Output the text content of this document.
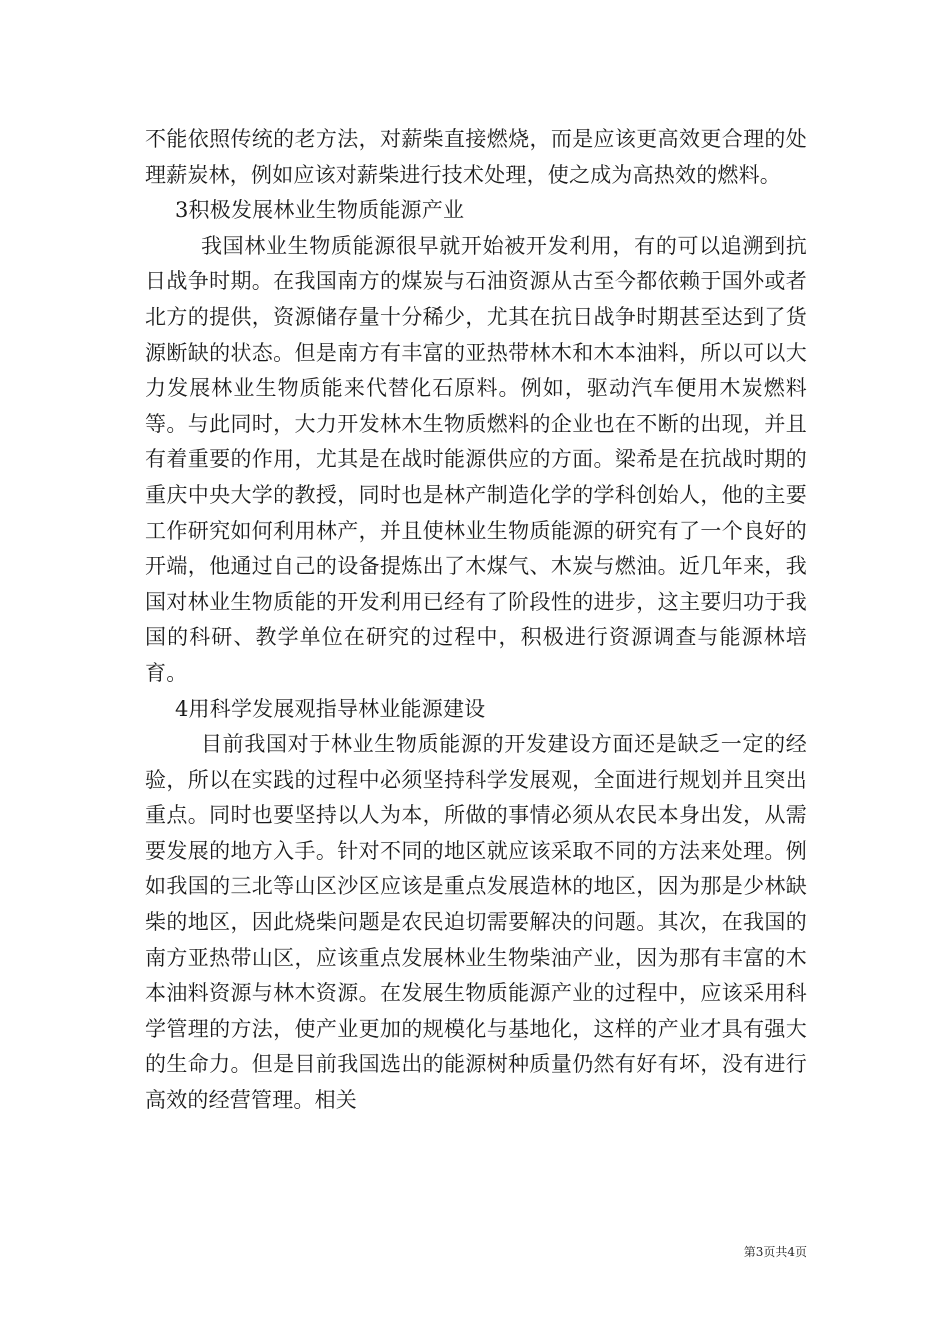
不能依照传统的老方法，对薪柴直接燃烧，而是应该更高效更合理的处理薪炭林，例如应该对薪柴进行技术处理，使之成为高热效的燃料。

3积极发展林业生物质能源产业

我国林业生物质能源很早就开始被开发利用，有的可以追溯到抗日战争时期。在我国南方的煤炭与石油资源从古至今都依赖于国外或者北方的提供，资源储存量十分稀少，尤其在抗日战争时期甚至达到了货源断缺的状态。但是南方有丰富的亚热带林木和木本油料，所以可以大力发展林业生物质能来代替化石原料。例如，驱动汽车便用木炭燃料等。与此同时，大力开发林木生物质燃料的企业也在不断的出现，并且有着重要的作用，尤其是在战时能源供应的方面。梁希是在抗战时期的重庆中央大学的教授，同时也是林产制造化学的学科创始人，他的主要工作研究如何利用林产，并且使林业生物质能源的研究有了一个良好的开端，他通过自己的设备提炼出了木煤气、木炭与燃油。近几年来，我国对林业生物质能的开发利用已经有了阶段性的进步，这主要归功于我国的科研、教学单位在研究的过程中，积极进行资源调查与能源林培育。

4用科学发展观指导林业能源建设

目前我国对于林业生物质能源的开发建设方面还是缺乏一定的经验，所以在实践的过程中必须坚持科学发展观，全面进行规划并且突出重点。同时也要坚持以人为本，所做的事情必须从农民本身出发，从需要发展的地方入手。针对不同的地区就应该采取不同的方法来处理。例如我国的三北等山区沙区应该是重点发展造林的地区，因为那是少林缺柴的地区，因此烧柴问题是农民迫切需要解决的问题。其次，在我国的南方亚热带山区，应该重点发展林业生物柴油产业，因为那有丰富的木本油料资源与林木资源。在发展生物质能源产业的过程中，应该采用科学管理的方法，使产业更加的规模化与基地化，这样的产业才具有强大的生命力。但是目前我国选出的能源树种质量仍然有好有坏，没有进行高效的经营管理。相关

第3页共4页
